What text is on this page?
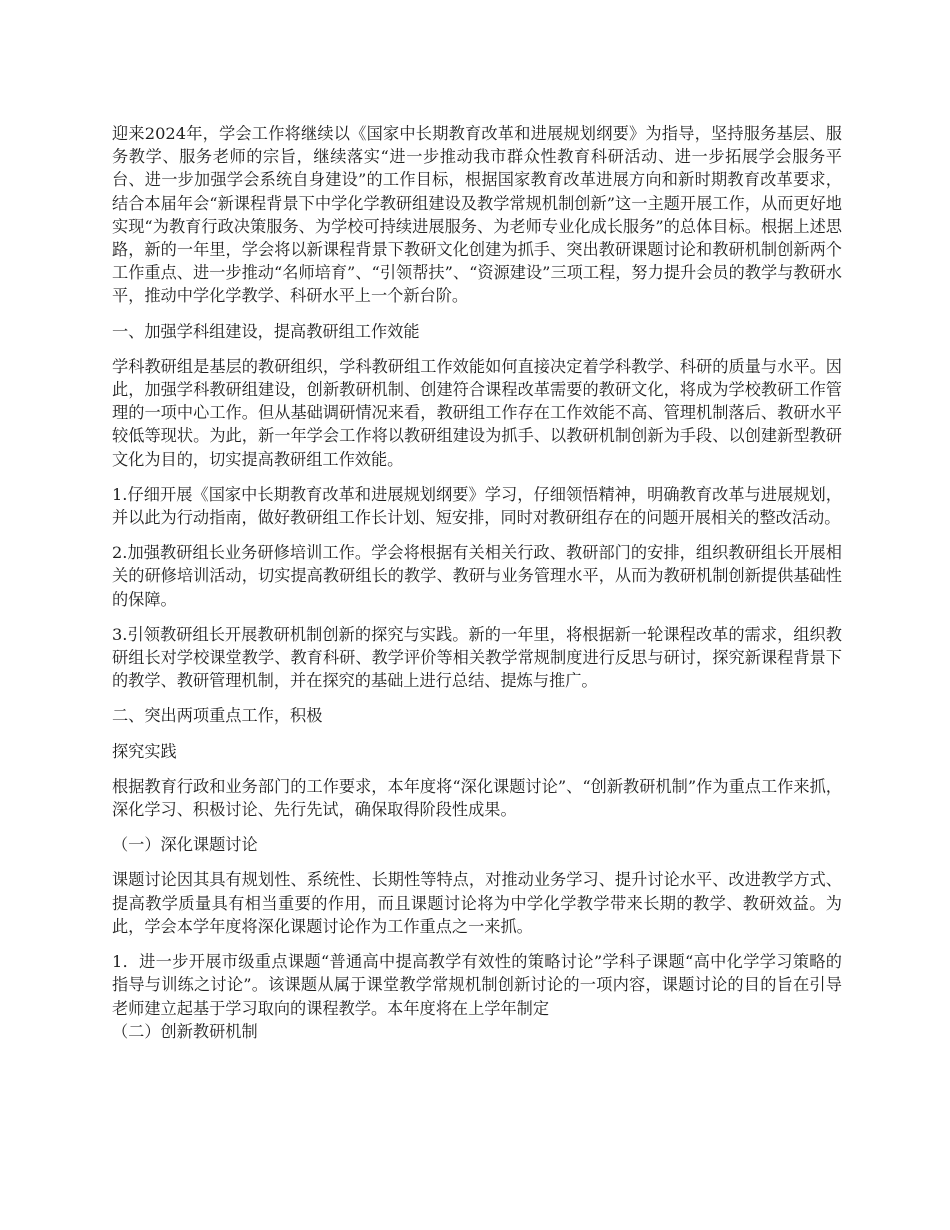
迎来2024年，学会工作将继续以《国家中长期教育改革和进展规划纲要》为指导，坚持服务基层、服务教学、服务老师的宗旨，继续落实“进一步推动我市群众性教育科研活动、进一步拓展学会服务平台、进一步加强学会系统自身建设”的工作目标，根据国家教育改革进展方向和新时期教育改革要求，结合本届年会“新课程背景下中学化学教研组建设及教学常规机制创新”这一主题开展工作，从而更好地实现“为教育行政决策服务、为学校可持续进展服务、为老师专业化成长服务”的总体目标。根据上述思路，新的一年里，学会将以新课程背景下教研文化创建为抓手、突出教研课题讨论和教研机制创新两个工作重点、进一步推动“名师培育”、“引领帮扶”、“资源建设”三项工程，努力提升会员的教学与教研水平，推动中学化学教学、科研水平上一个新台阶。

一、加强学科组建设，提高教研组工作效能

学科教研组是基层的教研组织，学科教研组工作效能如何直接决定着学科教学、科研的质量与水平。因此，加强学科教研组建设，创新教研机制、创建符合课程改革需要的教研文化，将成为学校教研工作管理的一项中心工作。但从基础调研情况来看，教研组工作存在工作效能不高、管理机制落后、教研水平较低等现状。为此，新一年学会工作将以教研组建设为抓手、以教研机制创新为手段、以创建新型教研文化为目的，切实提高教研组工作效能。

1.仔细开展《国家中长期教育改革和进展规划纲要》学习，仔细领悟精神，明确教育改革与进展规划，并以此为行动指南，做好教研组工作长计划、短安排，同时对教研组存在的问题开展相关的整改活动。

2.加强教研组长业务研修培训工作。学会将根据有关相关行政、教研部门的安排，组织教研组长开展相关的研修培训活动，切实提高教研组长的教学、教研与业务管理水平，从而为教研机制创新提供基础性的保障。

3.引领教研组长开展教研机制创新的探究与实践。新的一年里，将根据新一轮课程改革的需求，组织教研组长对学校课堂教学、教育科研、教学评价等相关教学常规制度进行反思与研讨，探究新课程背景下的教学、教研管理机制，并在探究的基础上进行总结、提炼与推广。

二、突出两项重点工作，积极

探究实践

根据教育行政和业务部门的工作要求，本年度将“深化课题讨论”、“创新教研机制”作为重点工作来抓，深化学习、积极讨论、先行先试，确保取得阶段性成果。

（一）深化课题讨论

课题讨论因其具有规划性、系统性、长期性等特点，对推动业务学习、提升讨论水平、改进教学方式、提高教学质量具有相当重要的作用，而且课题讨论将为中学化学教学带来长期的教学、教研效益。为此，学会本学年度将深化课题讨论作为工作重点之一来抓。

1．进一步开展市级重点课题“普通高中提高教学有效性的策略讨论”学科子课题“高中化学学习策略的指导与训练之讨论”。该课题从属于课堂教学常规机制创新讨论的一项内容，课题讨论的目的旨在引导老师建立起基于学习取向的课程教学。本年度将在上学年制定

（二）创新教研机制
